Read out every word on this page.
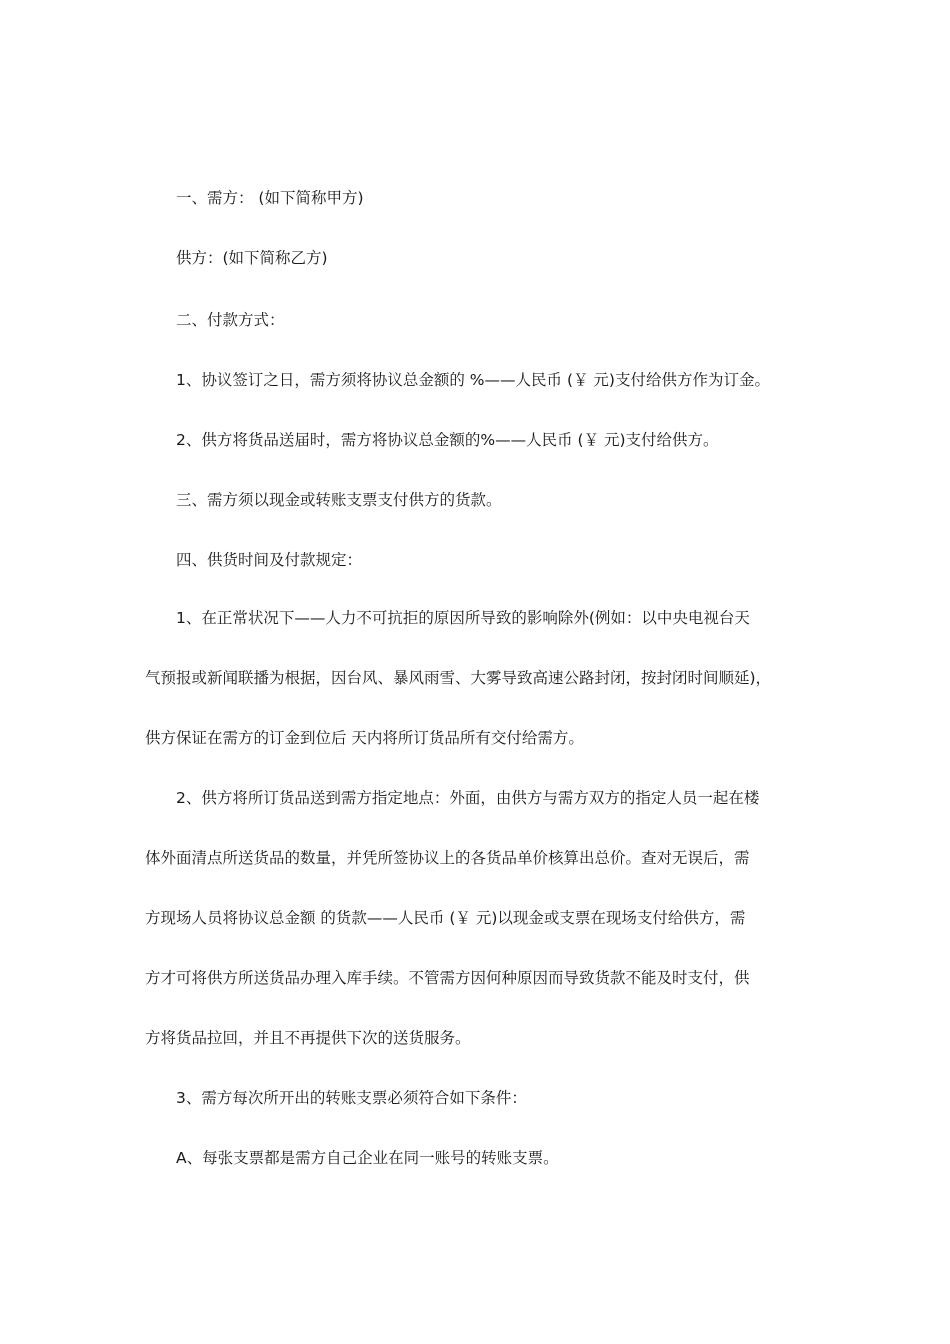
一、需方： (如下简称甲方)
供方：(如下简称乙方)
二、付款方式：
1、协议签订之日，需方须将协议总金额的 %——人民币 (￥ 元)支付给供方作为订金。
2、供方将货品送届时，需方将协议总金额的%——人民币 (￥ 元)支付给供方。
三、需方须以现金或转账支票支付供方的货款。
四、供货时间及付款规定：
1、在正常状况下——人力不可抗拒的原因所导致的影响除外(例如：以中央电视台天
气预报或新闻联播为根据，因台风、暴风雨雪、大雾导致高速公路封闭，按封闭时间顺延)，
供方保证在需方的订金到位后 天内将所订货品所有交付给需方。
2、供方将所订货品送到需方指定地点：外面，由供方与需方双方的指定人员一起在楼
体外面清点所送货品的数量，并凭所签协议上的各货品单价核算出总价。查对无误后，需
方现场人员将协议总金额 的货款——人民币 (￥ 元)以现金或支票在现场支付给供方，需
方才可将供方所送货品办理入库手续。不管需方因何种原因而导致货款不能及时支付，供
方将货品拉回，并且不再提供下次的送货服务。
3、需方每次所开出的转账支票必须符合如下条件：
A、每张支票都是需方自己企业在同一账号的转账支票。
